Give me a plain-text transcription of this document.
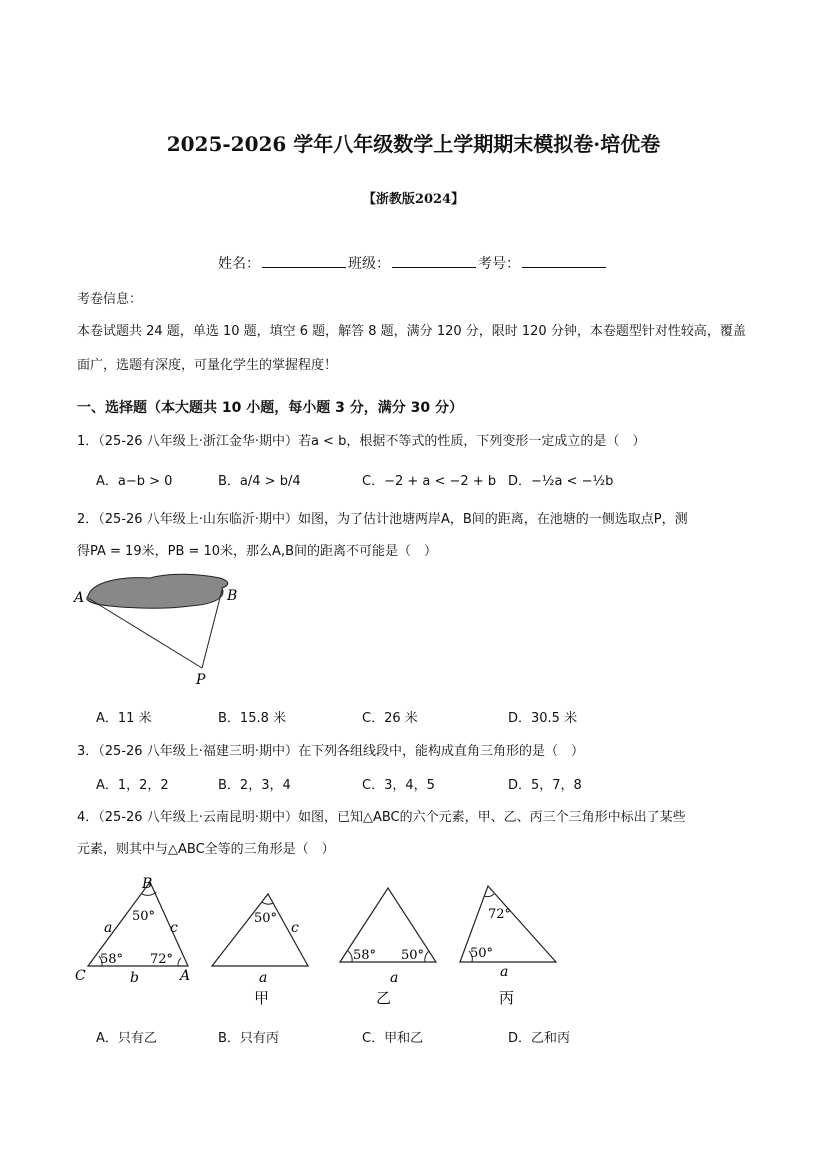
2025-2026 学年八年级数学上学期期末模拟卷·培优卷
【浙教版2024】
姓名：	班级：	考号：
考卷信息：
本卷试题共 24 题，单选 10 题，填空 6 题，解答 8 题，满分 120 分，限时 120 分钟，本卷题型针对性较高，覆盖
面广，选题有深度，可量化学生的掌握程度！
一、选择题（本大题共 10 小题，每小题 3 分，满分 30 分）
1．（25-26 八年级上·浙江金华·期中）若a < b，根据不等式的性质，下列变形一定成立的是（　）
A．a−b > 0	B．a/4 > b/4	C．−2 + a < −2 + b D．−½a < −½b
2．（25-26 八年级上·山东临沂·期中）如图，为了估计池塘两岸A，B间的距离，在池塘的一侧选取点P，测
得PA = 19米，PB = 10米，那么A,B间的距离不可能是（　）
A	B
P
A．11 米	B．15.8 米	C．26 米	D．30.5 米
3．（25-26 八年级上·福建三明·期中）在下列各组线段中，能构成直角三角形的是（　）
A．1，2，2	B．2，3，4	C．3，4，5	D．5，7，8
4．（25-26 八年级上·云南昆明·期中）如图，已知△ABC的六个元素，甲、乙、丙三个三角形中标出了某些
元素，则其中与△ABC全等的三角形是（　）
B
C	A
a	c
b
50°
58° 72°
50°
c
a
甲
58° 50°
a
乙
72°
50°
a
丙
A．只有乙	B．只有丙	C．甲和乙	D．乙和丙
